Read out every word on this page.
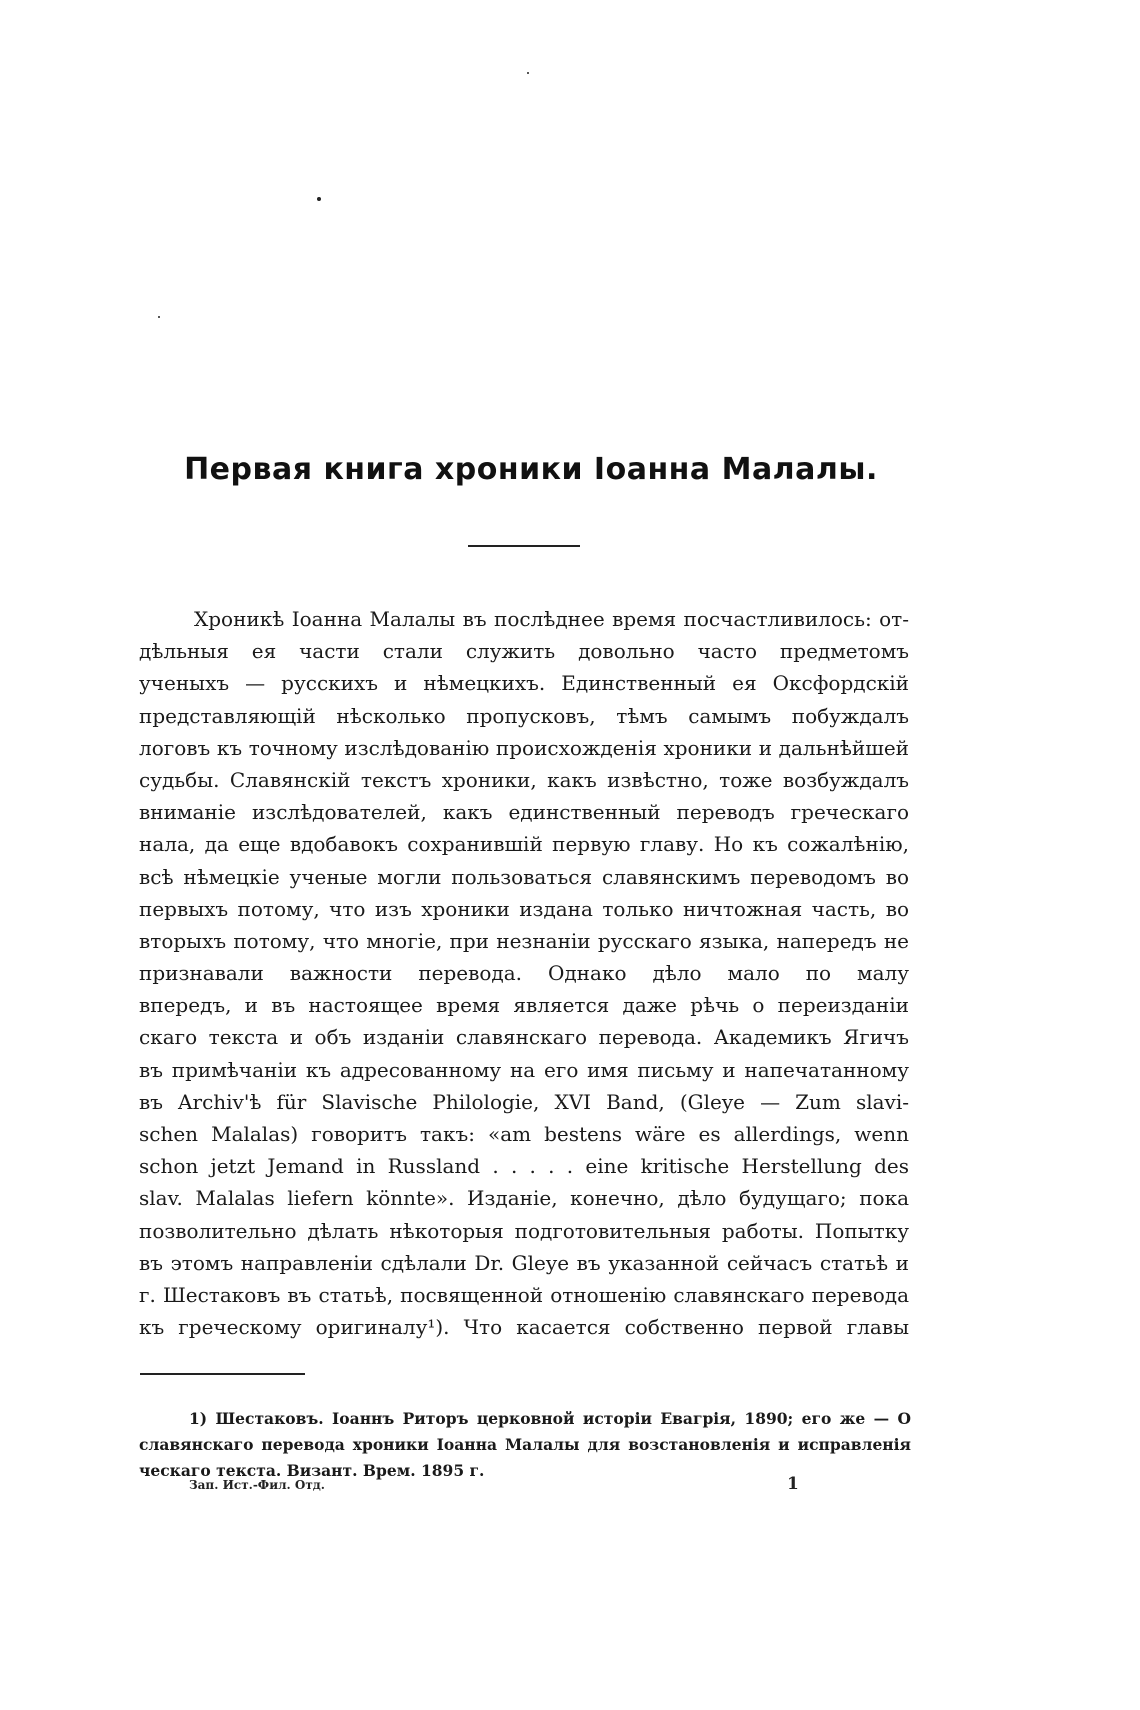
Первая книга хроники Іоанна Малалы.
Хроникѣ Іоанна Малалы въ послѣднее время посчастливилось: от-
дѣльныя ея части стали служить довольно часто предметомъ
ученыхъ — русскихъ и нѣмецкихъ. Единственный ея Оксфордскій
представляющій нѣсколько пропусковъ, тѣмъ самымъ побуждалъ
логовъ къ точному изслѣдованію происхожденія хроники и дальнѣйшей
судьбы. Славянскій текстъ хроники, какъ извѣстно, тоже возбуждалъ
вниманіе изслѣдователей, какъ единственный переводъ греческаго
нала, да еще вдобавокъ сохранившій первую главу. Но къ сожалѣнію,
всѣ нѣмецкіе ученые могли пользоваться славянскимъ переводомъ во
первыхъ потому, что изъ хроники издана только ничтожная часть, во
вторыхъ потому, что многіе, при незнаніи русскаго языка, напередъ не
признавали важности перевода. Однако дѣло мало по малу
впередъ, и въ настоящее время является даже рѣчь о переизданіи
скаго текста и объ изданіи славянскаго перевода. Академикъ Ягичъ
въ примѣчаніи къ адресованному на его имя письму и напечатанному
въ Archiv'ѣ für Slavische Philologie, XVI Band, (Gleye — Zum slavi-
schen Malalas) говоритъ такъ: «am bestens wäre es allerdings, wenn
schon jetzt Jemand in Russland . . . . . eine kritische Herstellung des
slav. Malalas liefern könnte». Изданіе, конечно, дѣло будущаго; пока
позволительно дѣлать нѣкоторыя подготовительныя работы. Попытку
въ этомъ направленіи сдѣлали Dr. Gleye въ указанной сейчасъ статьѣ и
г. Шестаковъ въ статьѣ, посвященной отношенію славянскаго перевода
къ греческому оригиналу¹). Что касается собственно первой главы
1) Шестаковъ. Іоаннъ Риторъ церковной исторіи Евагрія, 1890; его же — О
славянскаго перевода хроники Іоанна Малалы для возстановленія и исправленія
ческаго текста. Визант. Врем. 1895 г.
Зап. Ист.-Фил. Отд.	1
